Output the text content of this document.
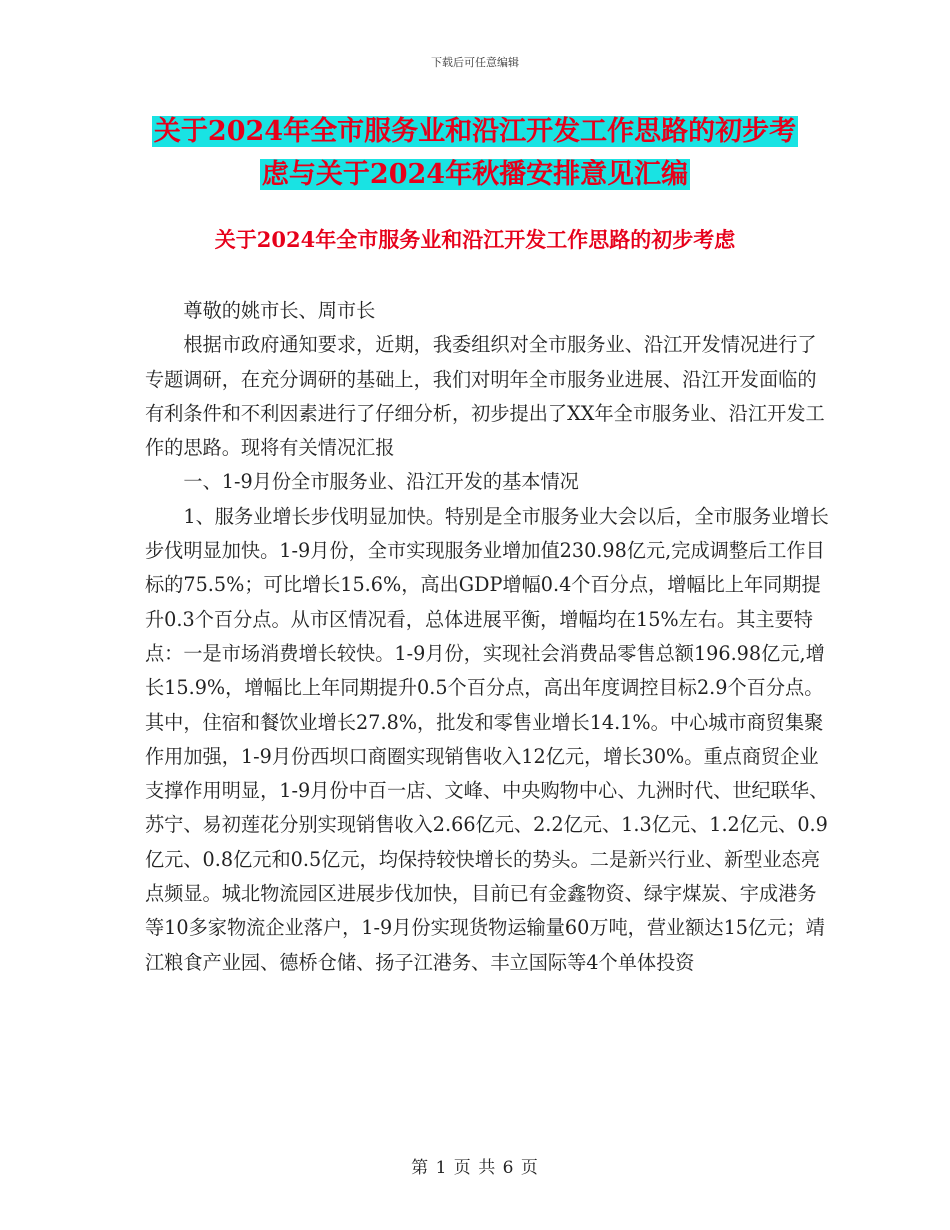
下载后可任意编辑
关于2024年全市服务业和沿江开发工作思路的初步考
虑与关于2024年秋播安排意见汇编
关于2024年全市服务业和沿江开发工作思路的初步考虑

尊敬的姚市长、周市长

根据市政府通知要求，近期，我委组织对全市服务业、沿江开发情况进行了专题调研，在充分调研的基础上，我们对明年全市服务业进展、沿江开发面临的有利条件和不利因素进行了仔细分析，初步提出了XX年全市服务业、沿江开发工作的思路。现将有关情况汇报

一、1-9月份全市服务业、沿江开发的基本情况

1、服务业增长步伐明显加快。特别是全市服务业大会以后，全市服务业增长步伐明显加快。1-9月份，全市实现服务业增加值230.98亿元,完成调整后工作目标的75.5%；可比增长15.6%，高出GDP增幅0.4个百分点，增幅比上年同期提升0.3个百分点。从市区情况看，总体进展平衡，增幅均在15%左右。其主要特点：一是市场消费增长较快。1-9月份，实现社会消费品零售总额196.98亿元,增长15.9%，增幅比上年同期提升0.5个百分点，高出年度调控目标2.9个百分点。其中，住宿和餐饮业增长27.8%，批发和零售业增长14.1%。中心城市商贸集聚作用加强，1-9月份西坝口商圈实现销售收入12亿元，增长30%。重点商贸企业支撑作用明显，1-9月份中百一店、文峰、中央购物中心、九洲时代、世纪联华、苏宁、易初莲花分别实现销售收入2.66亿元、2.2亿元、1.3亿元、1.2亿元、0.9亿元、0.8亿元和0.5亿元，均保持较快增长的势头。二是新兴行业、新型业态亮点频显。城北物流园区进展步伐加快，目前已有金鑫物资、绿宇煤炭、宇成港务等10多家物流企业落户，1-9月份实现货物运输量60万吨，营业额达15亿元；靖江粮食产业园、德桥仓储、扬子江港务、丰立国际等4个单体投资

第 1 页 共 6 页
